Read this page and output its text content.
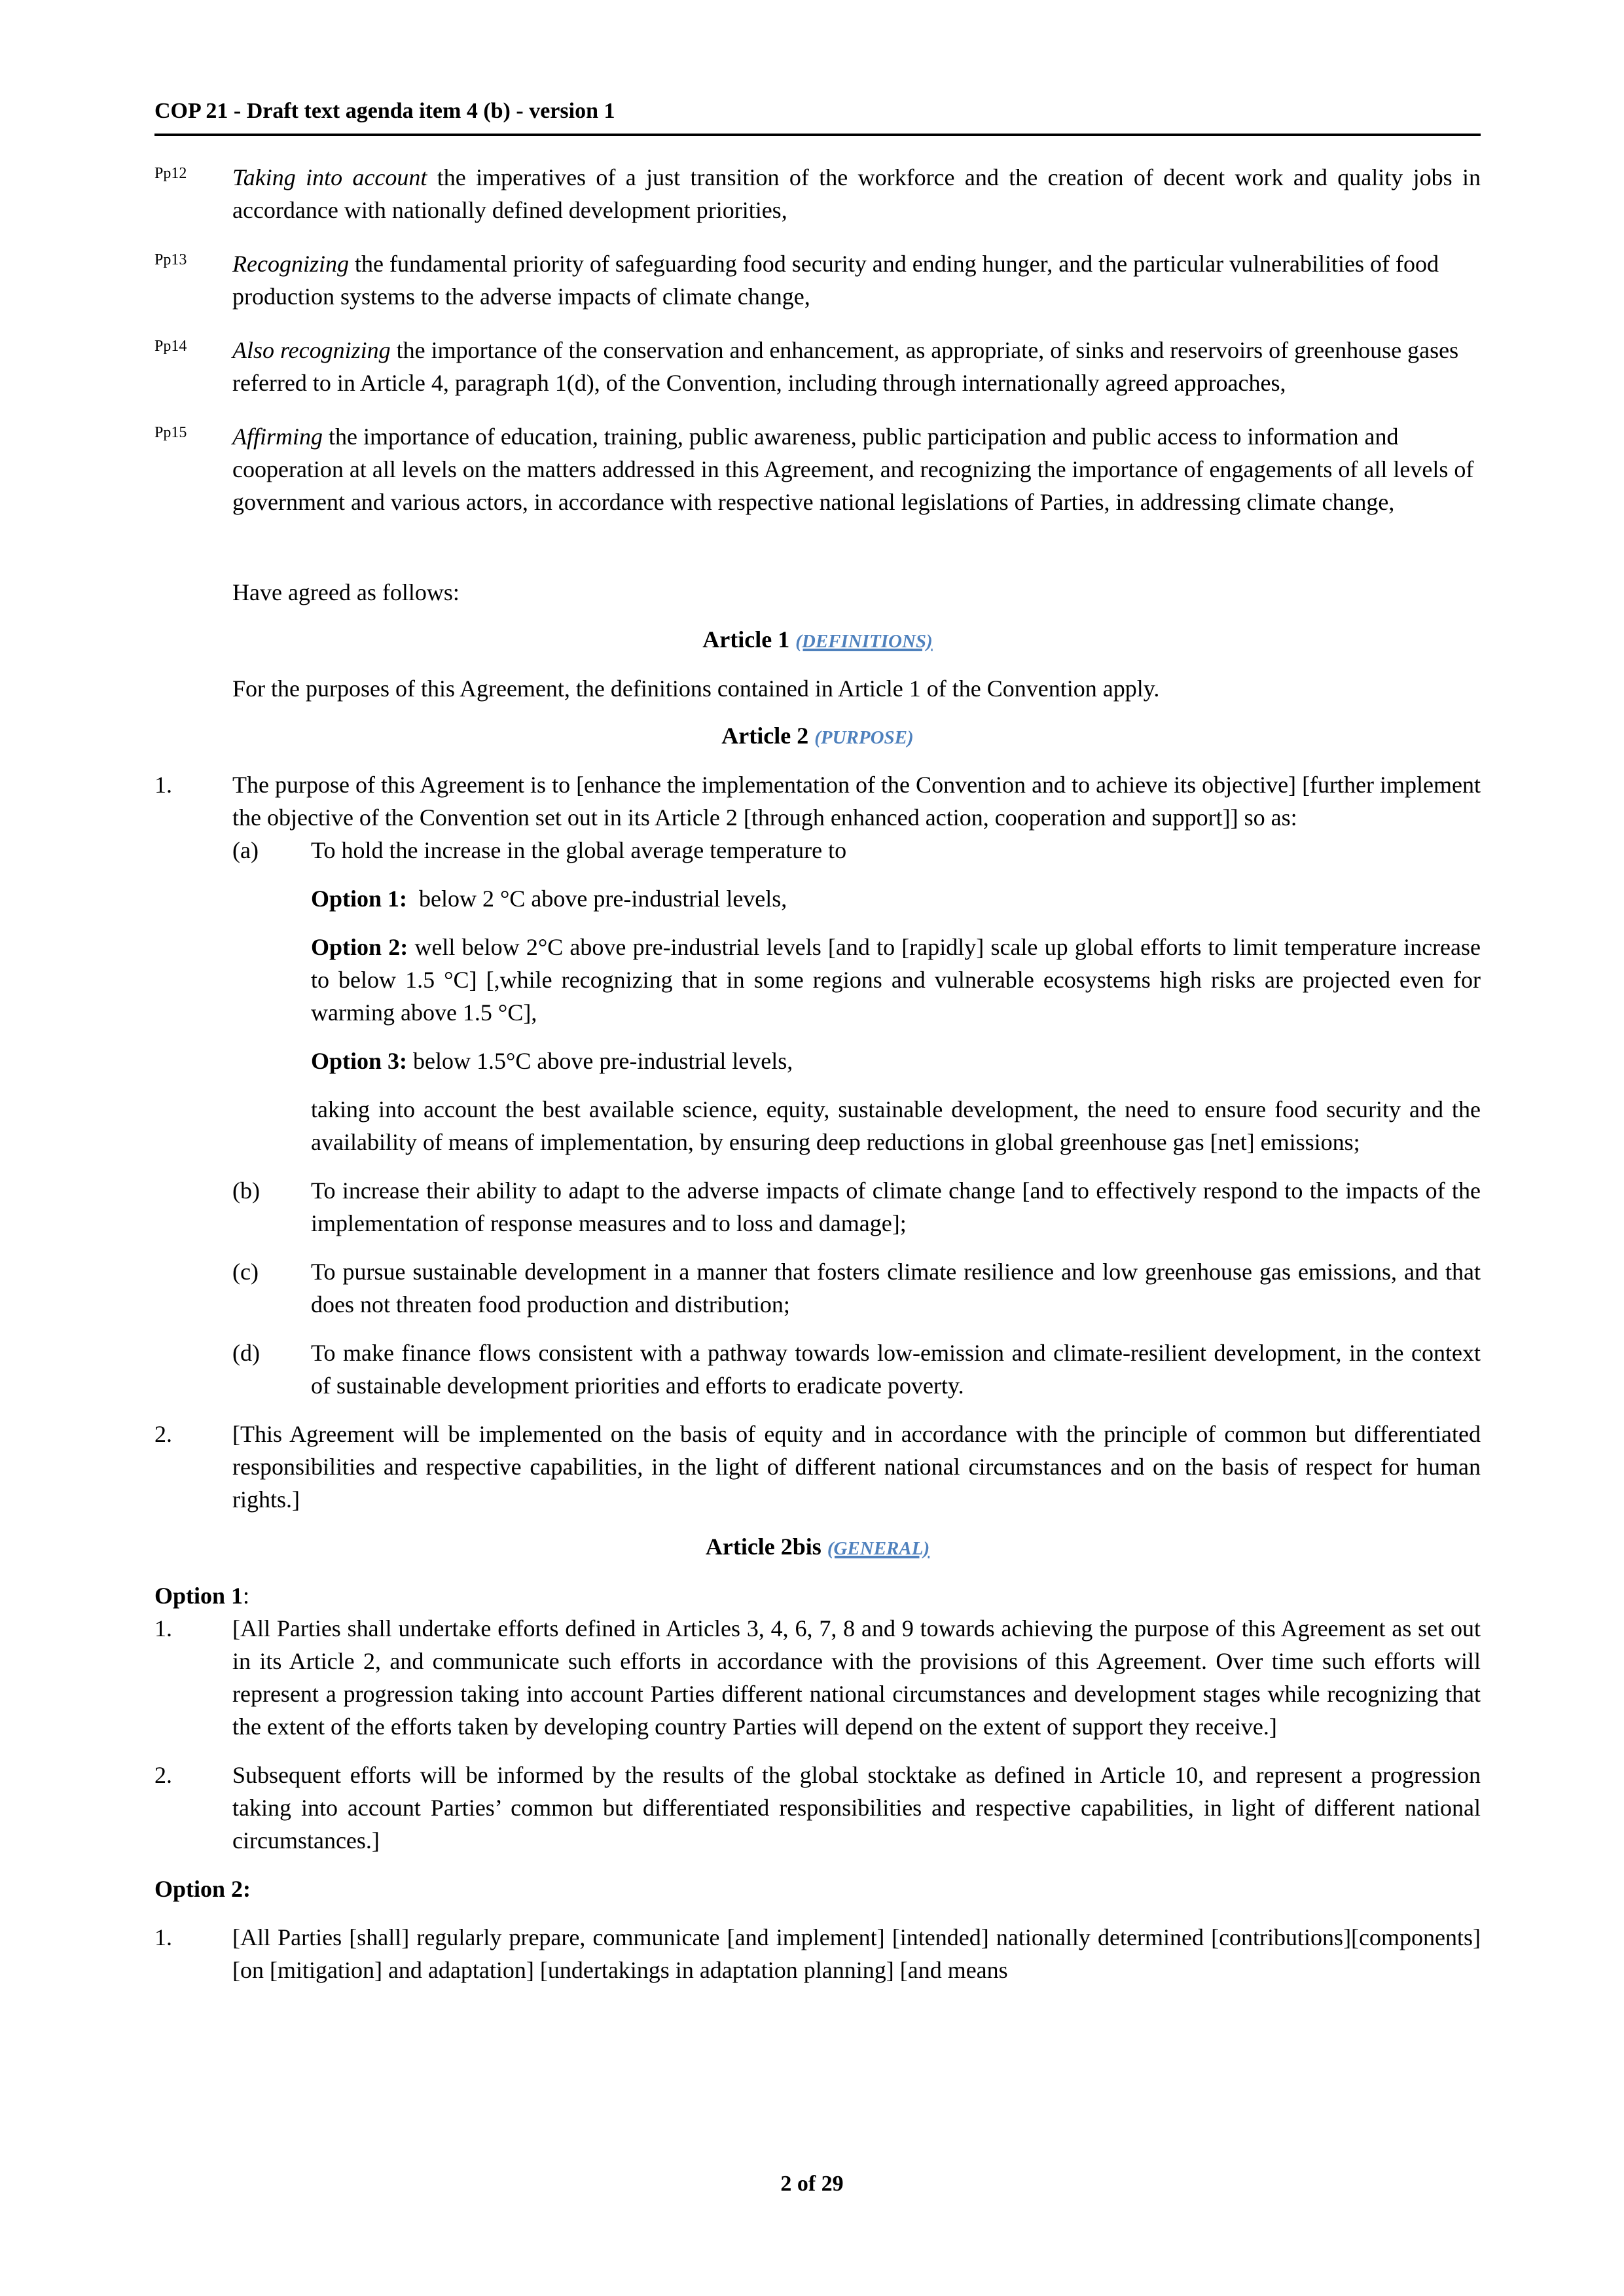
COP 21 - Draft text agenda item 4 (b) - version 1
Pp12 Taking into account the imperatives of a just transition of the workforce and the creation of decent work and quality jobs in accordance with nationally defined development priorities,
Pp13 Recognizing the fundamental priority of safeguarding food security and ending hunger, and the particular vulnerabilities of food production systems to the adverse impacts of climate change,
Pp14 Also recognizing the importance of the conservation and enhancement, as appropriate, of sinks and reservoirs of greenhouse gases referred to in Article 4, paragraph 1(d), of the Convention, including through internationally agreed approaches,
Pp15 Affirming the importance of education, training, public awareness, public participation and public access to information and cooperation at all levels on the matters addressed in this Agreement, and recognizing the importance of engagements of all levels of government and various actors, in accordance with respective national legislations of Parties, in addressing climate change,
Have agreed as follows:
Article 1 (DEFINITIONS)
For the purposes of this Agreement, the definitions contained in Article 1 of the Convention apply.
Article 2 (PURPOSE)
1.	The purpose of this Agreement is to [enhance the implementation of the Convention and to achieve its objective] [further implement the objective of the Convention set out in its Article 2 [through enhanced action, cooperation and support]] so as:
(a) To hold the increase in the global average temperature to
Option 1:  below 2 °C above pre-industrial levels,
Option 2: well below 2°C above pre-industrial levels [and to [rapidly] scale up global efforts to limit temperature increase to below 1.5 °C] [,while recognizing that in some regions and vulnerable ecosystems high risks are projected even for warming above 1.5 °C],
Option 3: below 1.5°C above pre-industrial levels,
taking into account the best available science, equity, sustainable development, the need to ensure food security and the availability of means of implementation, by ensuring deep reductions in global greenhouse gas [net] emissions;
(b) To increase their ability to adapt to the adverse impacts of climate change [and to effectively respond to the impacts of the implementation of response measures and to loss and damage];
(c) To pursue sustainable development in a manner that fosters climate resilience and low greenhouse gas emissions, and that does not threaten food production and distribution;
(d) To make finance flows consistent with a pathway towards low-emission and climate-resilient development, in the context of sustainable development priorities and efforts to eradicate poverty.
2.	[This Agreement will be implemented on the basis of equity and in accordance with the principle of common but differentiated responsibilities and respective capabilities, in the light of different national circumstances and on the basis of respect for human rights.]
Article 2bis (GENERAL)
Option 1:
1.	[All Parties shall undertake efforts defined in Articles 3, 4, 6, 7, 8 and 9 towards achieving the purpose of this Agreement as set out in its Article 2, and communicate such efforts in accordance with the provisions of this Agreement. Over time such efforts will represent a progression taking into account Parties different national circumstances and development stages while recognizing that the extent of the efforts taken by developing country Parties will depend on the extent of support they receive.]
2.	Subsequent efforts will be informed by the results of the global stocktake as defined in Article 10, and represent a progression taking into account Parties’ common but differentiated responsibilities and respective capabilities, in light of different national circumstances.]
Option 2:
1.	[All Parties [shall] regularly prepare, communicate [and implement] [intended] nationally determined [contributions][components] [on [mitigation] and adaptation] [undertakings in adaptation planning] [and means
2 of 29
